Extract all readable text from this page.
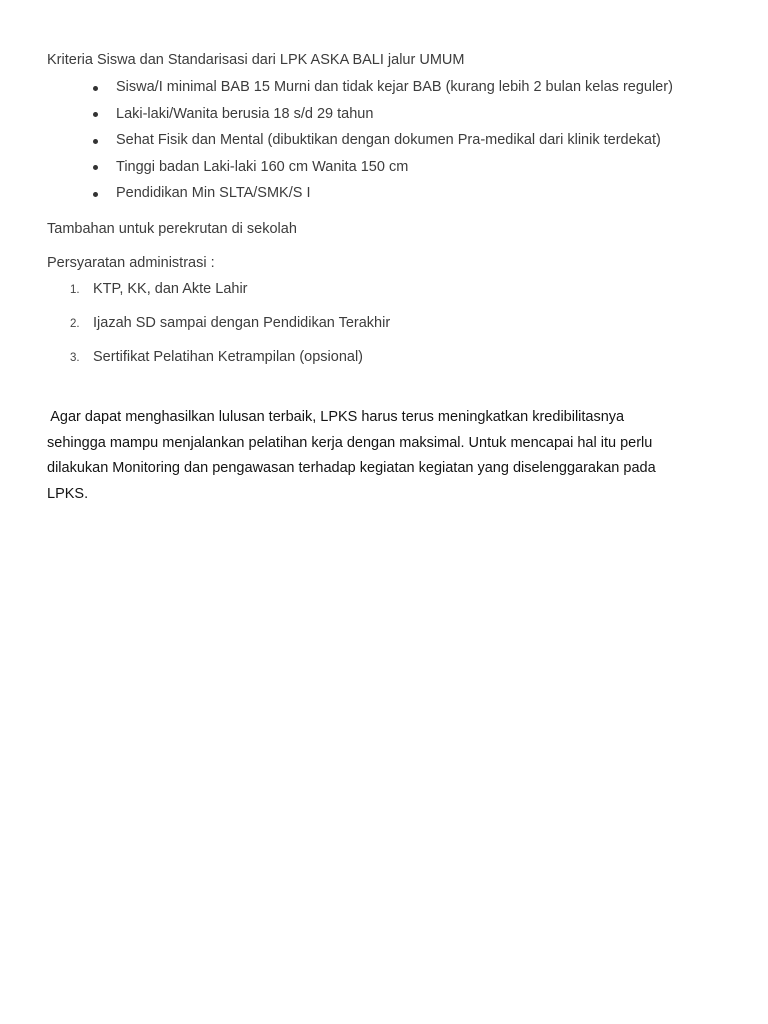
Kriteria Siswa dan Standarisasi dari LPK ASKA BALI jalur UMUM
Siswa/I minimal BAB 15 Murni dan tidak kejar BAB (kurang lebih 2 bulan kelas reguler)
Laki-laki/Wanita berusia 18 s/d 29 tahun
Sehat Fisik dan Mental (dibuktikan dengan dokumen Pra-medikal dari klinik terdekat)
Tinggi badan Laki-laki 160 cm Wanita 150 cm
Pendidikan Min SLTA/SMK/S I
Tambahan untuk perekrutan di sekolah
Persyaratan administrasi :
1. KTP, KK, dan Akte Lahir
2. Ijazah SD sampai dengan Pendidikan Terakhir
3. Sertifikat Pelatihan Ketrampilan (opsional)
Agar dapat menghasilkan lulusan terbaik, LPKS harus terus meningkatkan kredibilitasnya
sehingga mampu menjalankan pelatihan kerja dengan maksimal. Untuk mencapai hal itu perlu
dilakukan Monitoring dan pengawasan terhadap kegiatan kegiatan yang diselenggarakan pada
LPKS.
